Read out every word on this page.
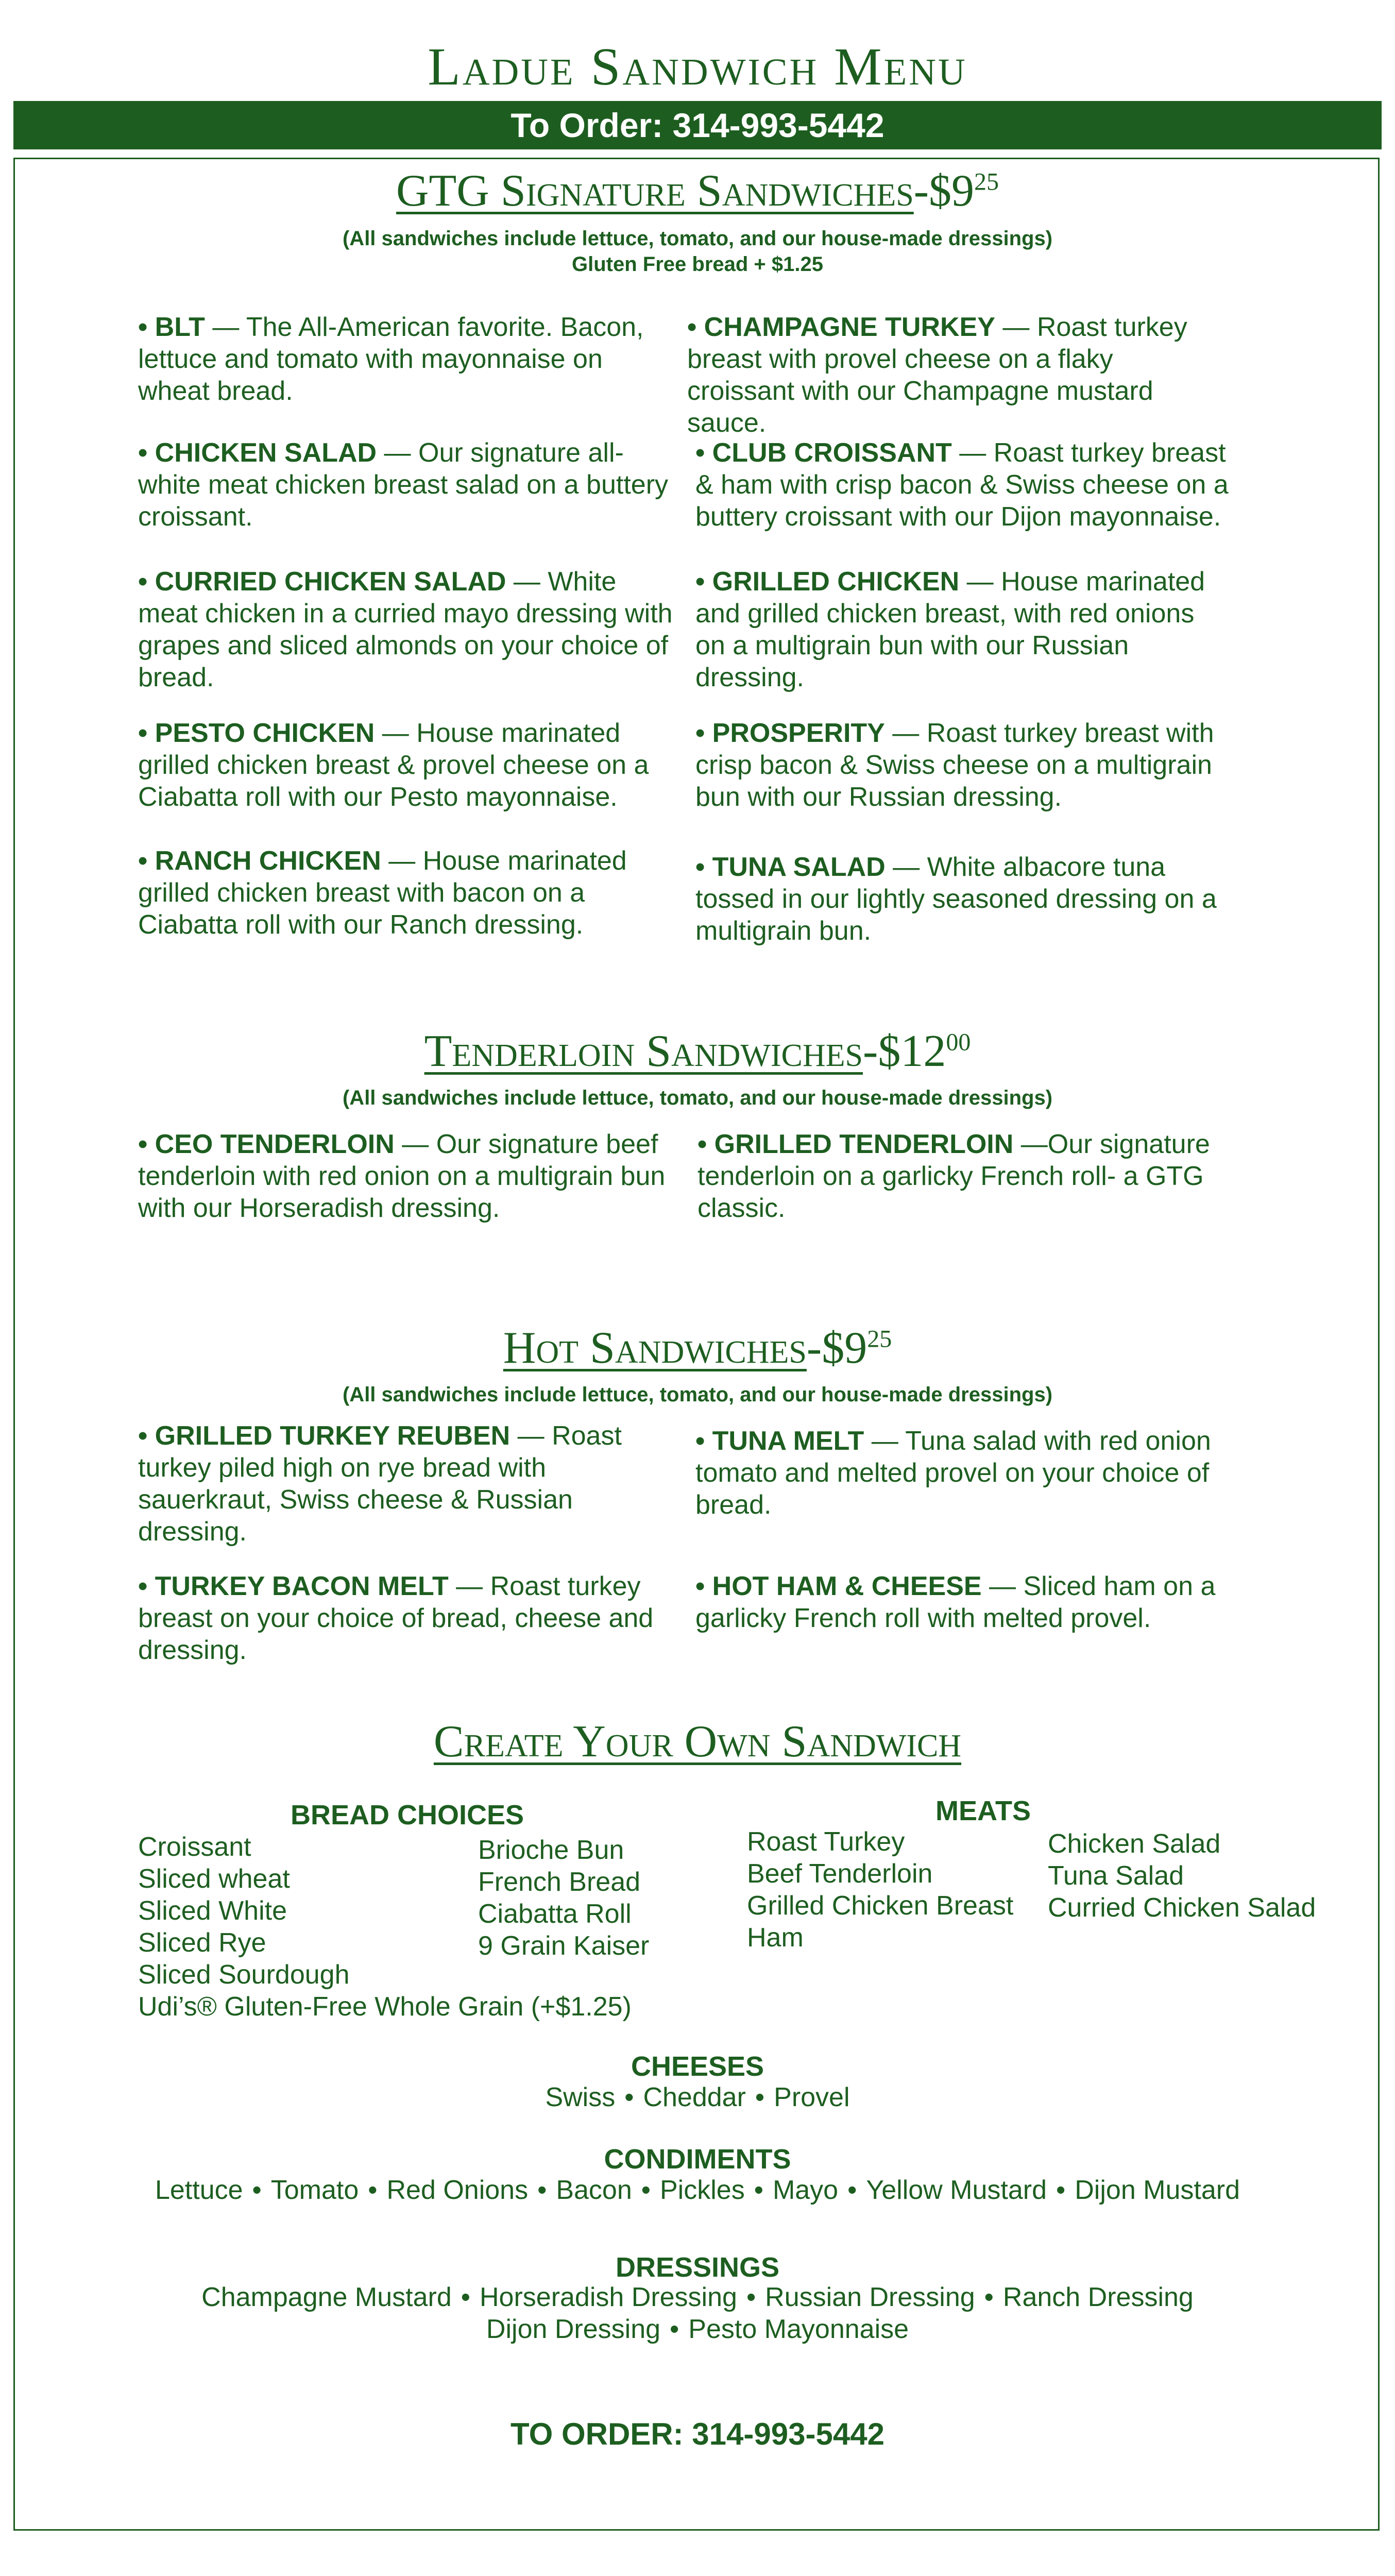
Ladue Sandwich Menu
To Order: 314-993-5442
GTG Signature Sandwiches-$\$9^{25}$
(All sandwiches include lettuce, tomato, and our house-made dressings)
Gluten Free bread + $1.25
• BLT — The All-American favorite. Bacon, lettuce and tomato with mayonnaise on wheat bread.
• CHAMPAGNE TURKEY — Roast turkey breast with provel cheese on a flaky croissant with our Champagne mustard sauce.
• CHICKEN SALAD — Our signature all-white meat chicken breast salad on a buttery croissant.
• CLUB CROISSANT — Roast turkey breast & ham with crisp bacon & Swiss cheese on a buttery croissant with our Dijon mayonnaise.
• CURRIED CHICKEN SALAD — White meat chicken in a curried mayo dressing with grapes and sliced almonds on your choice of bread.
• GRILLED CHICKEN — House marinated and grilled chicken breast, with red onions on a multigrain bun with our Russian dressing.
• PESTO CHICKEN — House marinated grilled chicken breast & provel cheese on a Ciabatta roll with our Pesto mayonnaise.
• PROSPERITY — Roast turkey breast with crisp bacon & Swiss cheese on a multigrain bun with our Russian dressing.
• RANCH CHICKEN — House marinated grilled chicken breast with bacon on a Ciabatta roll with our Ranch dressing.
• TUNA SALAD — White albacore tuna tossed in our lightly seasoned dressing on a multigrain bun.
Tenderloin Sandwiches-$\$12^{00}$
(All sandwiches include lettuce, tomato, and our house-made dressings)
• CEO TENDERLOIN — Our signature beef tenderloin with red onion on a multigrain bun with our Horseradish dressing.
• GRILLED TENDERLOIN —Our signature tenderloin on a garlicky French roll- a GTG classic.
Hot Sandwiches-$\$9^{25}$
(All sandwiches include lettuce, tomato, and our house-made dressings)
• GRILLED TURKEY REUBEN — Roast turkey piled high on rye bread with sauerkraut, Swiss cheese & Russian dressing.
• TUNA MELT — Tuna salad with red onion tomato and melted provel on your choice of bread.
• TURKEY BACON MELT — Roast turkey breast on your choice of bread, cheese and dressing.
• HOT HAM & CHEESE — Sliced ham on a garlicky French roll with melted provel.
Create Your Own Sandwich
BREAD CHOICES
Croissant
Sliced wheat
Sliced White
Sliced Rye
Sliced Sourdough
Udi’s® Gluten-Free Whole Grain (+$1.25)
Brioche Bun
French Bread
Ciabatta Roll
9 Grain Kaiser
MEATS
Roast Turkey
Beef Tenderloin
Grilled Chicken Breast
Ham
Chicken Salad
Tuna Salad
Curried Chicken Salad
CHEESES
Swiss • Cheddar • Provel
CONDIMENTS
Lettuce • Tomato • Red Onions • Bacon • Pickles • Mayo • Yellow Mustard • Dijon Mustard
DRESSINGS
Champagne Mustard • Horseradish Dressing • Russian Dressing • Ranch Dressing
Dijon Dressing • Pesto Mayonnaise
TO ORDER: 314-993-5442
